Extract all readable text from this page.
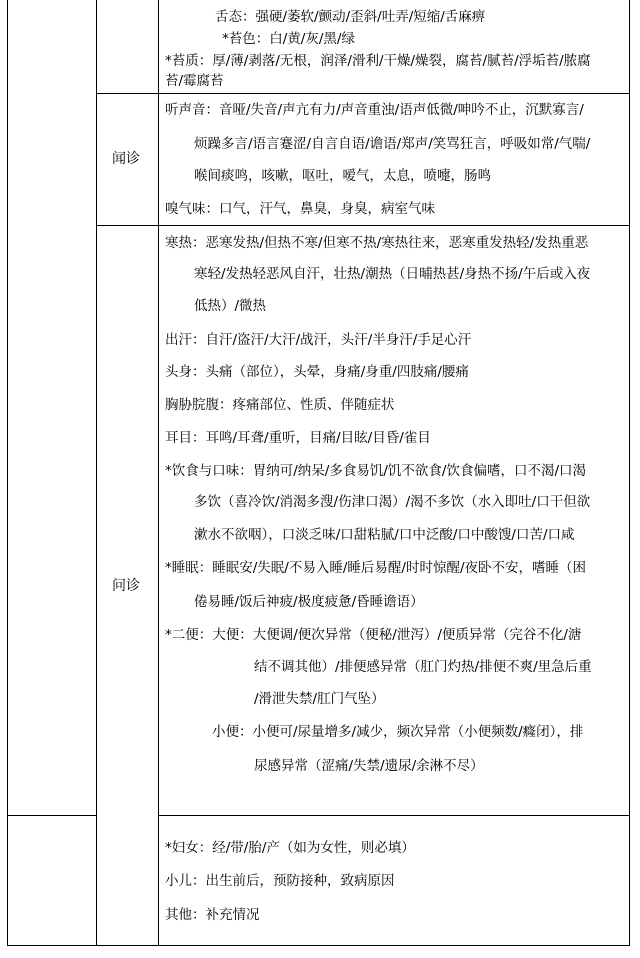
闻诊
问诊
舌态：强硬/萎软/颤动/歪斜/吐弄/短缩/舌麻痹
*苔色：白/黄/灰/黑/绿
*苔质：厚/薄/剥落/无根，润泽/滑利/干燥/燥裂，腐苔/腻苔/浮垢苔/脓腐
苔/霉腐苔
听声音：音哑/失音/声亢有力/声音重浊/语声低微/呻吟不止，沉默寡言/
烦躁多言/语言蹇涩/自言自语/谵语/郑声/笑骂狂言，呼吸如常/气喘/
喉间痰鸣，咳嗽，呕吐，嗳气，太息，喷嚏，肠鸣
嗅气味：口气，汗气，鼻臭，身臭，病室气味
寒热：恶寒发热/但热不寒/但寒不热/寒热往来，恶寒重发热轻/发热重恶
寒轻/发热轻恶风自汗，壮热/潮热（日晡热甚/身热不扬/午后或入夜
低热）/微热
出汗：自汗/盗汗/大汗/战汗，头汗/半身汗/手足心汗
头身：头痛（部位），头晕，身痛/身重/四肢痛/腰痛
胸胁脘腹：疼痛部位、性质、伴随症状
耳目：耳鸣/耳聋/重听，目痛/目眩/目昏/雀目
*饮食与口味：胃纳可/纳呆/多食易饥/饥不欲食/饮食偏嗜，口不渴/口渴
多饮（喜冷饮/消渴多溲/伤津口渴）/渴不多饮（水入即吐/口干但欲
漱水不欲咽），口淡乏味/口甜粘腻/口中泛酸/口中酸馊/口苦/口咸
*睡眠：睡眠安/失眠/不易入睡/睡后易醒/时时惊醒/夜卧不安，嗜睡（困
倦易睡/饭后神疲/极度疲惫/昏睡谵语）
*二便：大便：大便调/便次异常（便秘/泄泻）/便质异常（完谷不化/溏
结不调其他）/排便感异常（肛门灼热/排便不爽/里急后重
/滑泄失禁/肛门气坠）
小便：小便可/尿量增多/减少，频次异常（小便频数/癃闭），排
尿感异常（涩痛/失禁/遗尿/余淋不尽）
*妇女：经/带/胎/产（如为女性，则必填）
小儿：出生前后，预防接种，致病原因
其他：补充情况
